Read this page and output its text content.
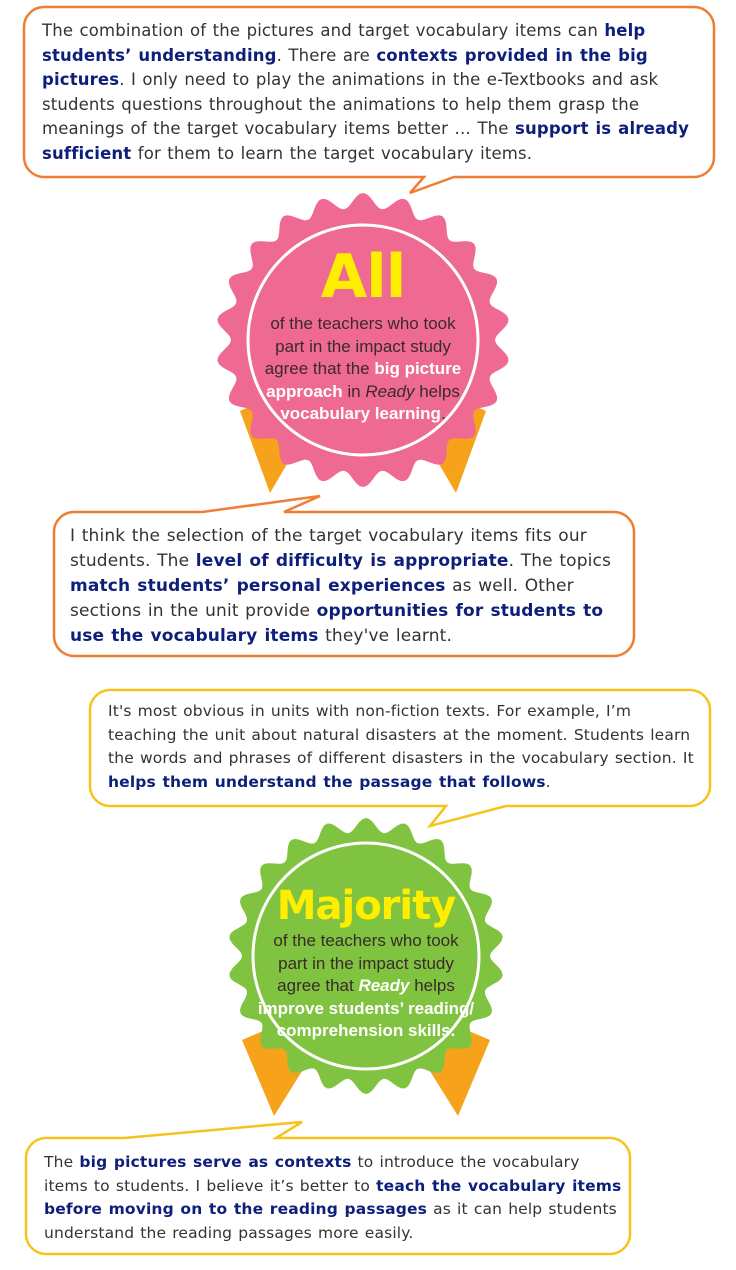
The combination of the pictures and target vocabulary items can help students’ understanding. There are contexts provided in the big pictures. I only need to play the animations in the e-Textbooks and ask students questions throughout the animations to help them grasp the meanings of the target vocabulary items better … The support is already sufficient for them to learn the target vocabulary items.
All
of the teachers who took
part in the impact study
agree that the big picture
approach in Ready helps
vocabulary learning.
I think the selection of the target vocabulary items fits our students. The level of difficulty is appropriate. The topics match students’ personal experiences as well. Other sections in the unit provide opportunities for students to use the vocabulary items they've learnt.
It's most obvious in units with non-fiction texts. For example, I’m teaching the unit about natural disasters at the moment. Students learn the words and phrases of different disasters in the vocabulary section. It helps them understand the passage that follows.
Majority
of the teachers who took
part in the impact study
agree that Ready helps
improve students’ reading/
comprehension skills.
The big pictures serve as contexts to introduce the vocabulary items to students. I believe it’s better to teach the vocabulary items before moving on to the reading passages as it can help students understand the reading passages more easily.
